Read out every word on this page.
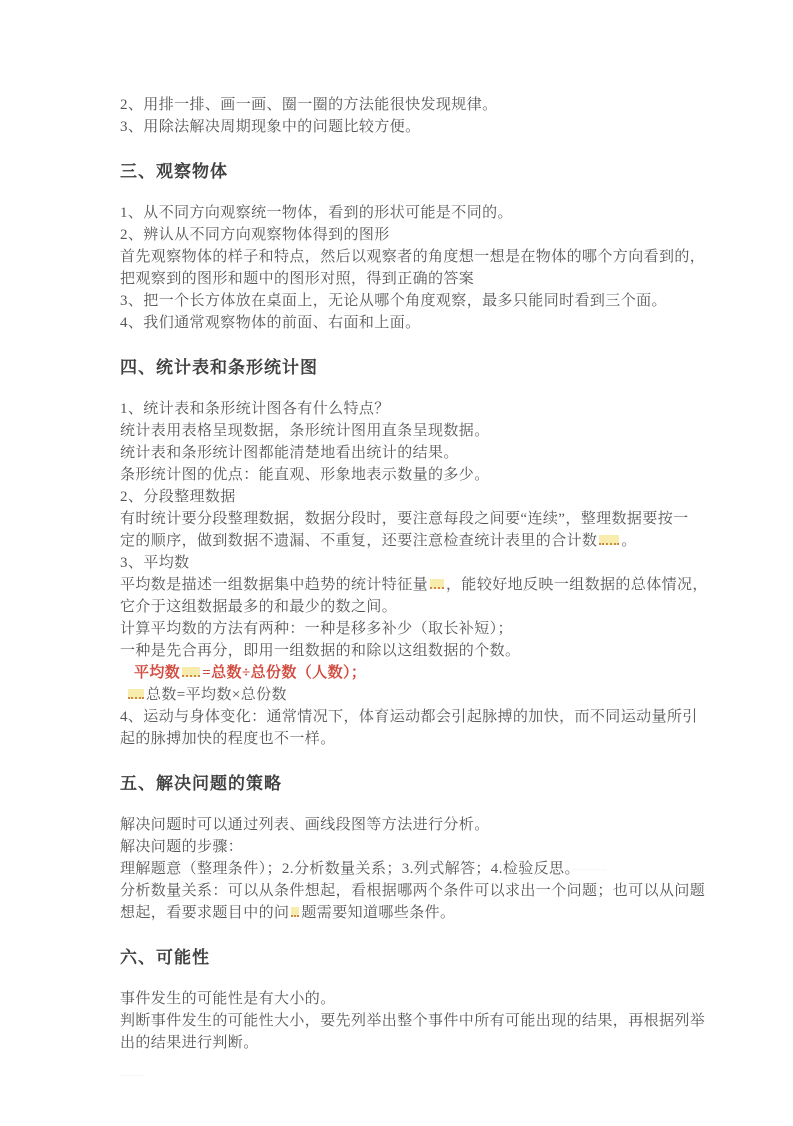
2、用排一排、画一画、圈一圈的方法能很快发现规律。
3、用除法解决周期现象中的问题比较方便。
三、观察物体
1、从不同方向观察统一物体，看到的形状可能是不同的。
2、辨认从不同方向观察物体得到的图形
首先观察物体的样子和特点，然后以观察者的角度想一想是在物体的哪个方向看到的，
把观察到的图形和题中的图形对照，得到正确的答案
3、把一个长方体放在桌面上，无论从哪个角度观察，最多只能同时看到三个面。
4、我们通常观察物体的前面、右面和上面。
四、统计表和条形统计图
1、统计表和条形统计图各有什么特点？
统计表用表格呈现数据，条形统计图用直条呈现数据。
统计表和条形统计图都能清楚地看出统计的结果。
条形统计图的优点：能直观、形象地表示数量的多少。
2、分段整理数据
有时统计要分段整理数据，数据分段时，要注意每段之间要“连续”，整理数据要按一
定的顺序，做到数据不遗漏、不重复，还要注意检查统计表里的合计数 。
3、平均数
平均数是描述一组数据集中趋势的统计特征量 ，能较好地反映一组数据的总体情况，
它介于这组数据最多的和最少的数之间。
计算平均数的方法有两种：一种是移多补少（取长补短）；
一种是先合再分，即用一组数据的和除以这组数据的个数。
平均数 =总数÷总份数（人数）；
总数=平均数×总份数
4、运动与身体变化：通常情况下，体育运动都会引起脉搏的加快，而不同运动量所引
起的脉搏加快的程度也不一样。
五、解决问题的策略
解决问题时可以通过列表、画线段图等方法进行分析。
解决问题的步骤：
理解题意（整理条件）；2.分析数量关系；3.列式解答；4.检验反思。·············
分析数量关系：可以从条件想起，看根据哪两个条件可以求出一个问题；也可以从问题
想起，看要求题目中的问 题需要知道哪些条件。
六、可能性
事件发生的可能性是有大小的。
判断事件发生的可能性大小，要先列举出整个事件中所有可能出现的结果，再根据列举
出的结果进行判断。
·········
